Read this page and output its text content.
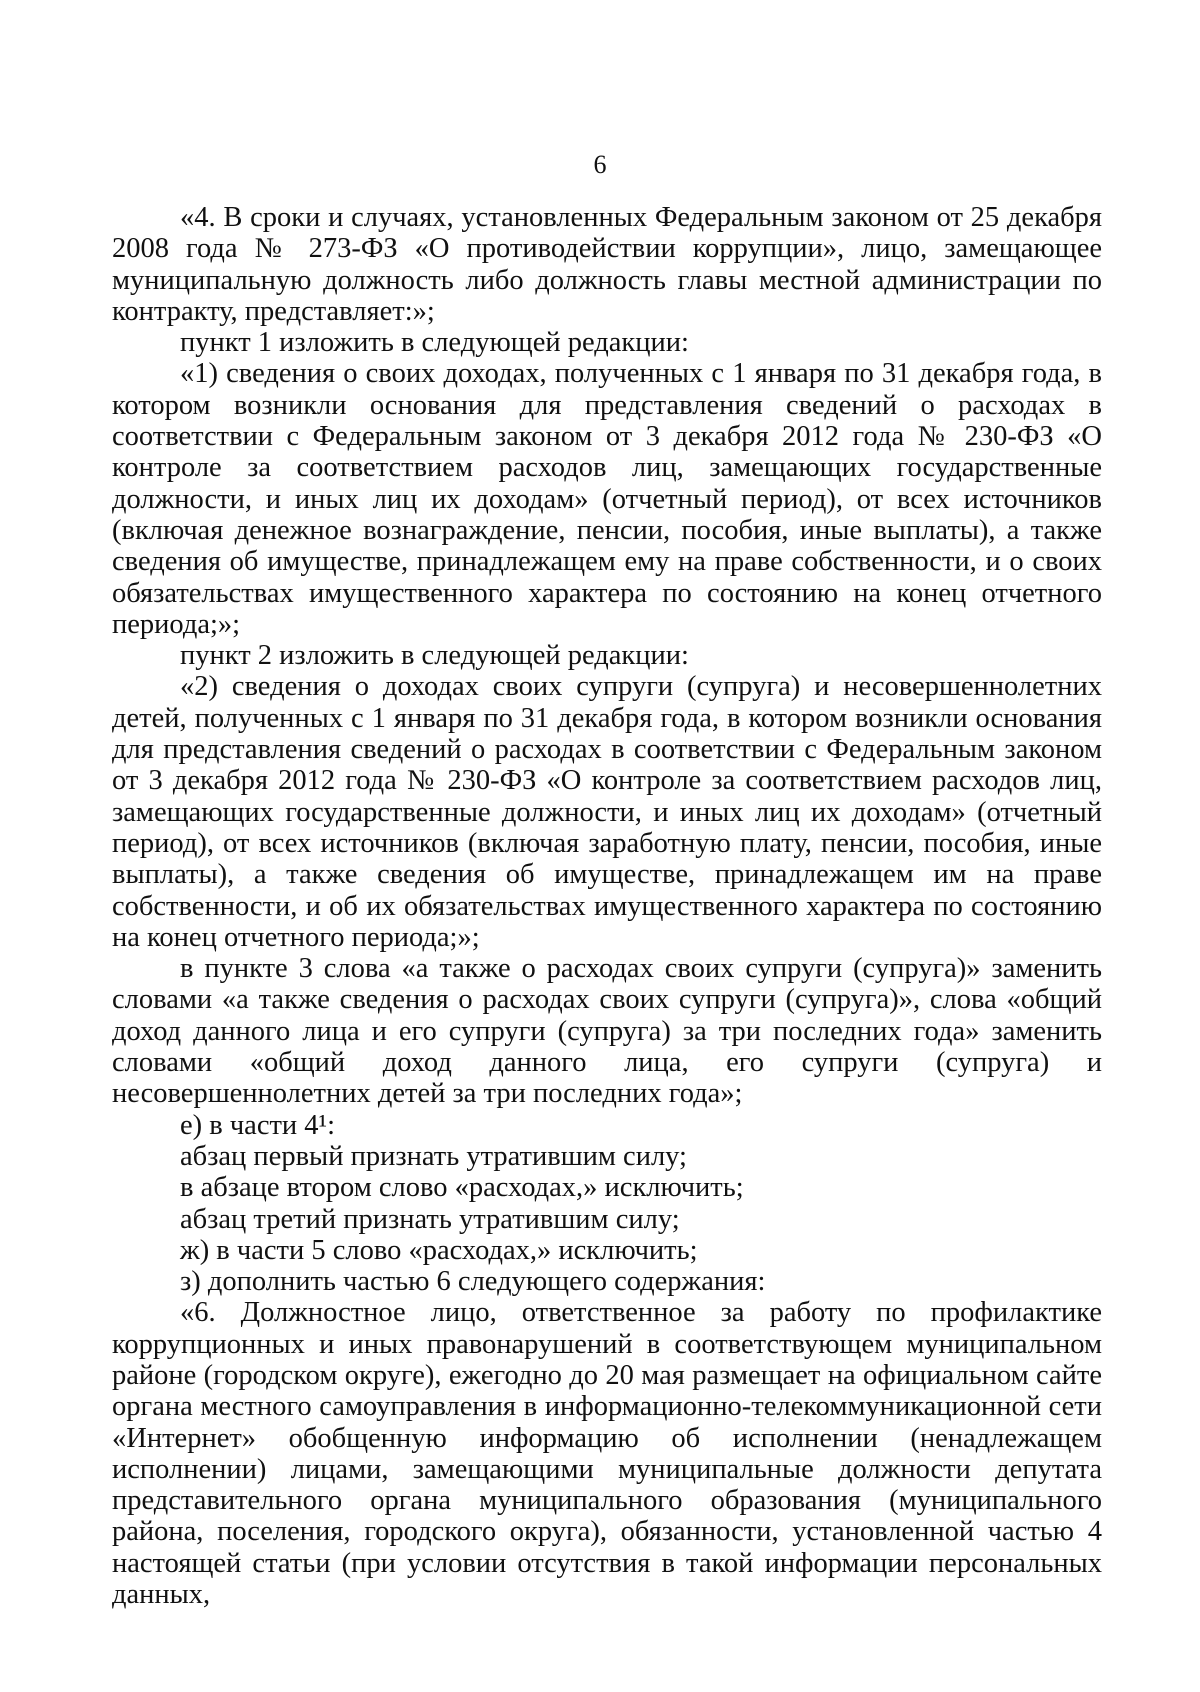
6

«4. В сроки и случаях, установленных Федеральным законом от 25 декабря 2008 года № 273-ФЗ «О противодействии коррупции», лицо, замещающее муниципальную должность либо должность главы местной администрации по контракту, представляет:»;

пункт 1 изложить в следующей редакции:

«1) сведения о своих доходах, полученных с 1 января по 31 декабря года, в котором возникли основания для представления сведений о расходах в соответствии с Федеральным законом от 3 декабря 2012 года № 230-ФЗ «О контроле за соответствием расходов лиц, замещающих государственные должности, и иных лиц их доходам» (отчетный период), от всех источников (включая денежное вознаграждение, пенсии, пособия, иные выплаты), а также сведения об имуществе, принадлежащем ему на праве собственности, и о своих обязательствах имущественного характера по состоянию на конец отчетного периода;»;

пункт 2 изложить в следующей редакции:

«2) сведения о доходах своих супруги (супруга) и несовершеннолетних детей, полученных с 1 января по 31 декабря года, в котором возникли основания для представления сведений о расходах в соответствии с Федеральным законом от 3 декабря 2012 года № 230-ФЗ «О контроле за соответствием расходов лиц, замещающих государственные должности, и иных лиц их доходам» (отчетный период), от всех источников (включая заработную плату, пенсии, пособия, иные выплаты), а также сведения об имуществе, принадлежащем им на праве собственности, и об их обязательствах имущественного характера по состоянию на конец отчетного периода;»;

в пункте 3 слова «а также о расходах своих супруги (супруга)» заменить словами «а также сведения о расходах своих супруги (супруга)», слова «общий доход данного лица и его супруги (супруга) за три последних года» заменить словами «общий доход данного лица, его супруги (супруга) и несовершеннолетних детей за три последних года»;

е) в части 4¹:

абзац первый признать утратившим силу;

в абзаце втором слово «расходах,» исключить;

абзац третий признать утратившим силу;

ж) в части 5 слово «расходах,» исключить;

з) дополнить частью 6 следующего содержания:

«6. Должностное лицо, ответственное за работу по профилактике коррупционных и иных правонарушений в соответствующем муниципальном районе (городском округе), ежегодно до 20 мая размещает на официальном сайте органа местного самоуправления в информационно-телекоммуникационной сети «Интернет» обобщенную информацию об исполнении (ненадлежащем исполнении) лицами, замещающими муниципальные должности депутата представительного органа муниципального образования (муниципального района, поселения, городского округа), обязанности, установленной частью 4 настоящей статьи (при условии отсутствия в такой информации персональных данных,
